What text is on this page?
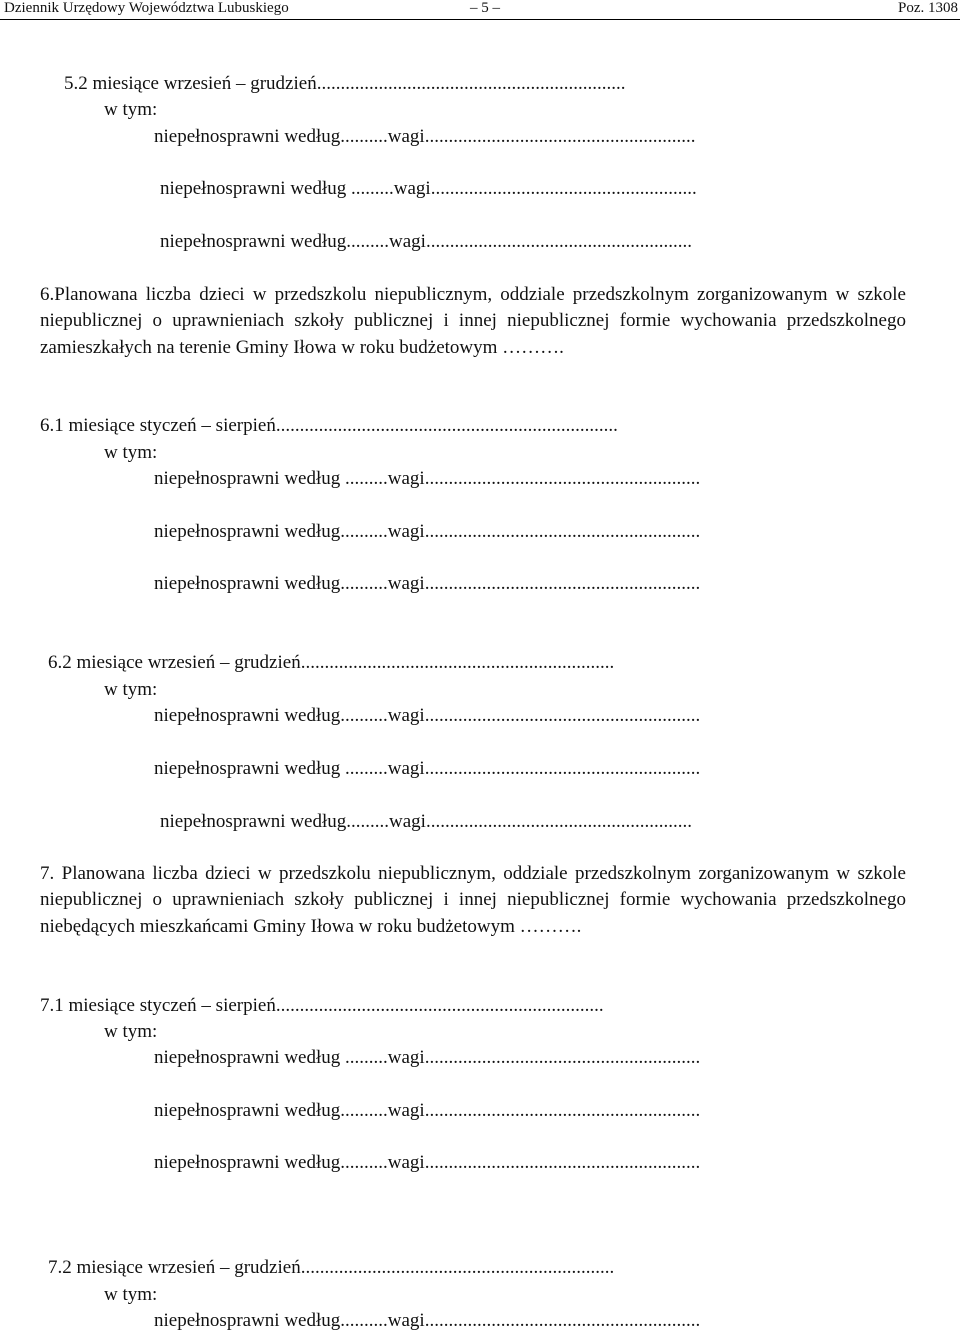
Dziennik Urzędowy Województwa Lubuskiego	– 5 –	Poz. 1308
5.2 miesiące wrzesień – grudzień.................................................................
w tym:
niepełnosprawni według..........wagi.........................................................
niepełnosprawni według .........wagi........................................................
niepełnosprawni według.........wagi........................................................
6.Planowana liczba dzieci w przedszkolu niepublicznym, oddziale przedszkolnym zorganizowanym w szkole niepublicznej o uprawnieniach szkoły publicznej i innej niepublicznej formie wychowania przedszkolnego zamieszkałych na terenie Gminy Iłowa w roku budżetowym ……….
6.1 miesiące styczeń – sierpień........................................................................
w tym:
niepełnosprawni według .........wagi..........................................................
niepełnosprawni według..........wagi..........................................................
niepełnosprawni według..........wagi..........................................................
6.2 miesiące wrzesień – grudzień..................................................................
w tym:
niepełnosprawni według..........wagi..........................................................
niepełnosprawni według .........wagi..........................................................
niepełnosprawni według.........wagi........................................................
7. Planowana liczba dzieci w przedszkolu niepublicznym, oddziale przedszkolnym zorganizowanym w szkole niepublicznej o uprawnieniach szkoły publicznej i innej niepublicznej formie wychowania przedszkolnego niebędących mieszkańcami Gminy Iłowa w roku budżetowym ……….
7.1 miesiące styczeń – sierpień.....................................................................
w tym:
niepełnosprawni według .........wagi..........................................................
niepełnosprawni według..........wagi..........................................................
niepełnosprawni według..........wagi..........................................................
7.2 miesiące wrzesień – grudzień..................................................................
w tym:
niepełnosprawni według..........wagi..........................................................
